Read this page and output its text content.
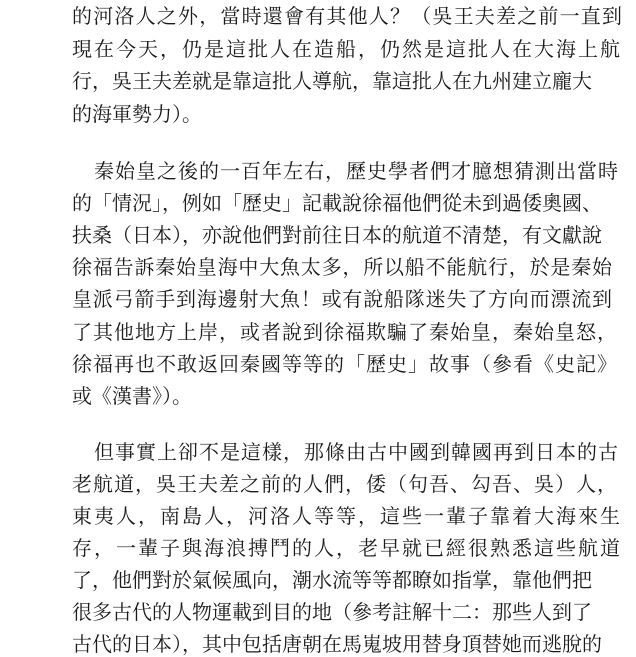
的河洛人之外，當時還會有其他人？（吳王夫差之前一直到
現在今天，仍是這批人在造船，仍然是這批人在大海上航
行，吳王夫差就是靠這批人導航，靠這批人在九州建立龐大
的海軍勢力）。
秦始皇之後的一百年左右，歷史學者們才臆想猜測出當時
的「情況」，例如「歷史」記載說徐福他們從未到過倭奧國、
扶桑（日本），亦說他們對前往日本的航道不清楚，有文獻說
徐福告訴秦始皇海中大魚太多，所以船不能航行，於是秦始
皇派弓箭手到海邊射大魚！或有說船隊迷失了方向而漂流到
了其他地方上岸，或者說到徐福欺騙了秦始皇，秦始皇怒，
徐福再也不敢返回秦國等等的「歷史」故事（參看《史記》
或《漢書》）。
但事實上卻不是這樣，那條由古中國到韓國再到日本的古
老航道，吳王夫差之前的人們，倭（句吾、勾吾、吳）人，
東夷人，南島人，河洛人等等，這些一輩子靠着大海來生
存，一輩子與海浪搏鬥的人，老早就已經很熟悉這些航道
了，他們對於氣候風向，潮水流等等都瞭如指掌，靠他們把
很多古代的人物運載到目的地（參考註解十二：那些人到了
古代的日本），其中包括唐朝在馬嵬坡用替身頂替她而逃脫的
